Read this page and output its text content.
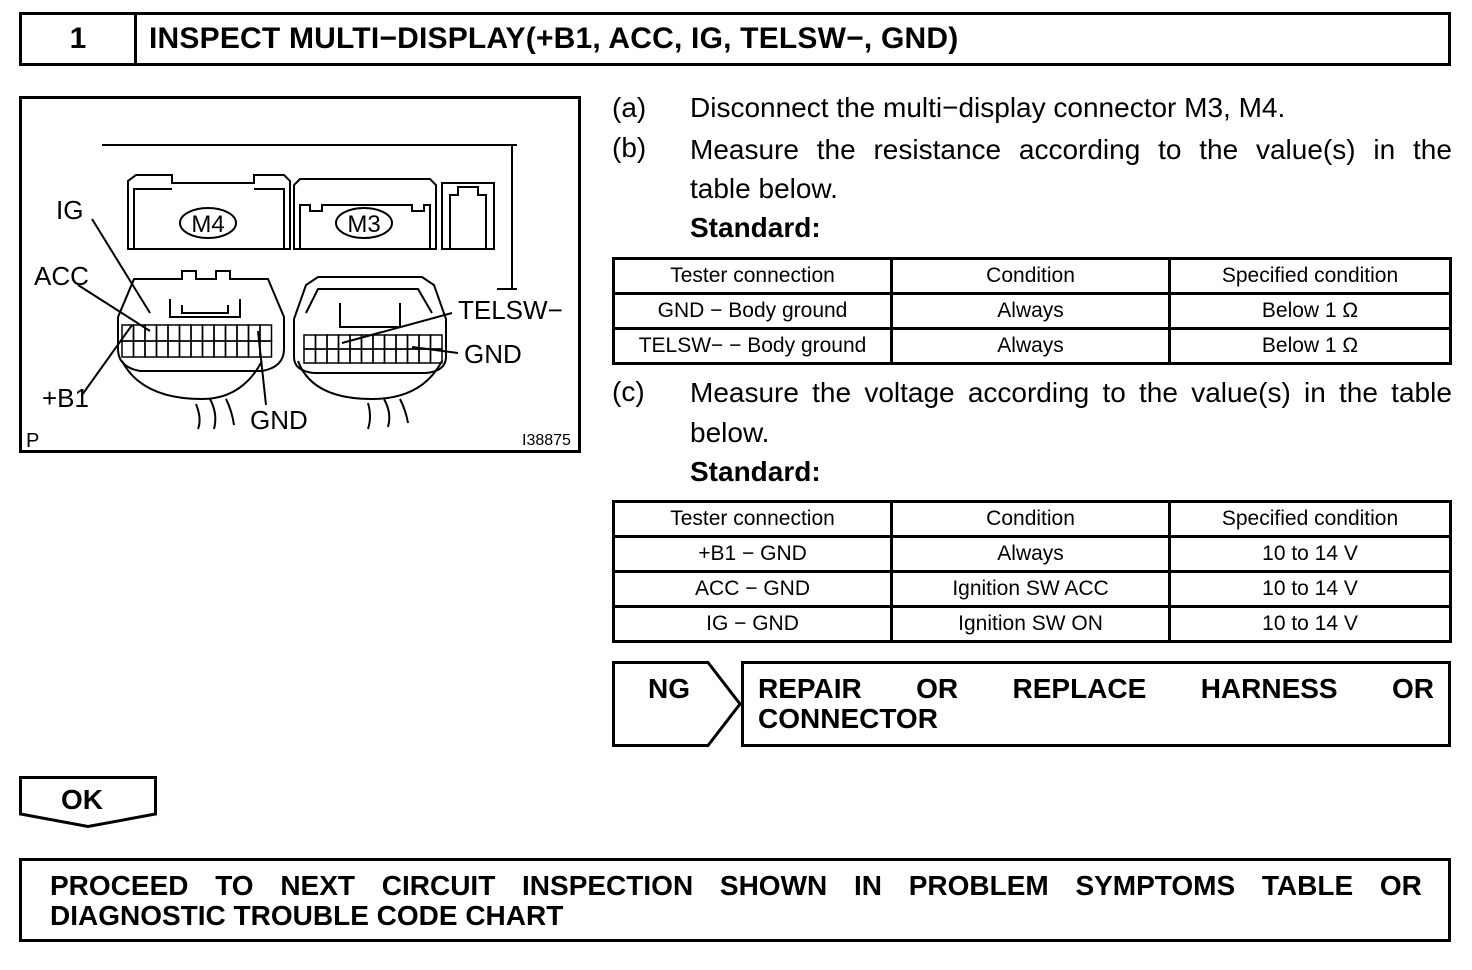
1	INSPECT MULTI−DISPLAY(+B1, ACC, IG, TELSW−, GND)
M4	M3
IG
ACC
+B1
GND
TELSW−
GND
P	I38875
(a) Disconnect the multi−display connector M3, M4.
(b) Measure the resistance according to the value(s) in the
table below.
Standard:
Tester connection	Condition	Specified condition
GND − Body ground	Always	Below 1 Ω
TELSW− − Body ground	Always	Below 1 Ω
(c) Measure the voltage according to the value(s) in the table
below.
Standard:
Tester connection	Condition	Specified condition
+B1 − GND	Always	10 to 14 V
ACC − GND	Ignition SW ACC	10 to 14 V
IG − GND	Ignition SW ON	10 to 14 V
NG REPAIR OR REPLACE HARNESS OR
CONNECTOR
OK
PROCEED TO NEXT CIRCUIT INSPECTION SHOWN IN PROBLEM SYMPTOMS TABLE OR
DIAGNOSTIC TROUBLE CODE CHART
